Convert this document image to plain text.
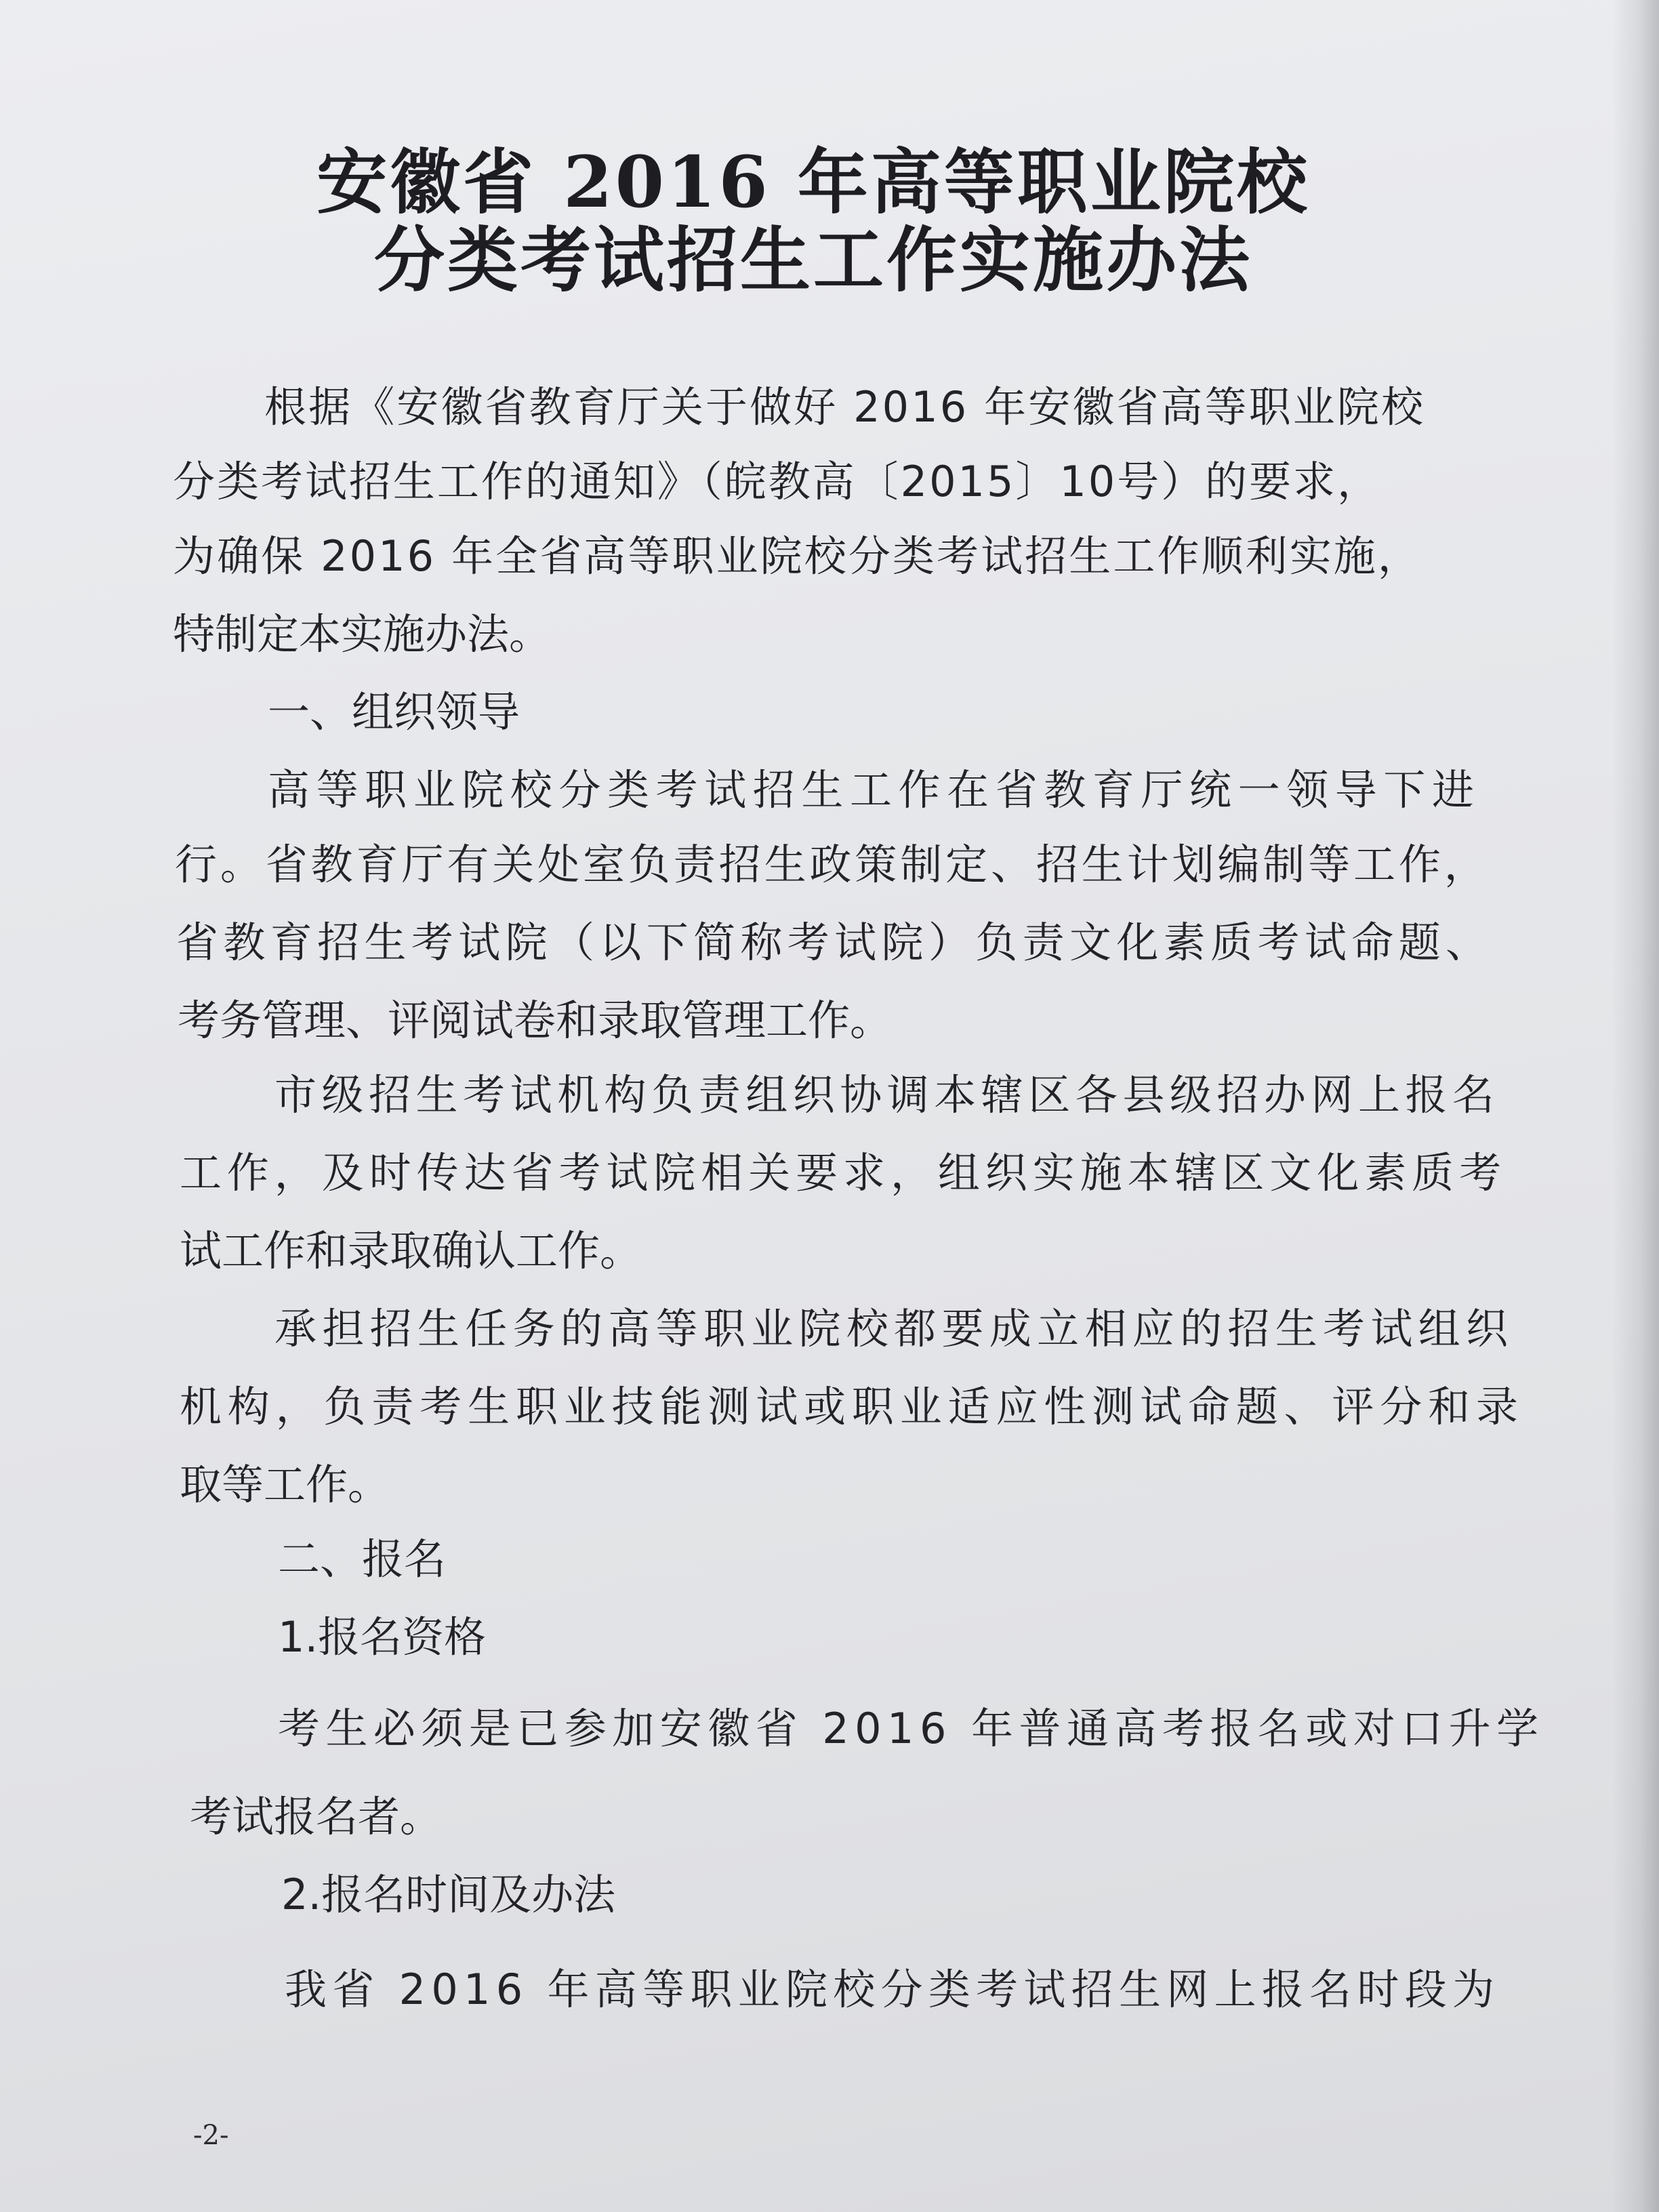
安徽省 2016 年高等职业院校
分类考试招生工作实施办法
根据《安徽省教育厅关于做好 2016 年安徽省高等职业院校
分类考试招生工作的通知》（皖教高〔2015〕10号）的要求，
为确保 2016 年全省高等职业院校分类考试招生工作顺利实施，
特制定本实施办法。
一、组织领导
高等职业院校分类考试招生工作在省教育厅统一领导下进
行。省教育厅有关处室负责招生政策制定、招生计划编制等工作，
省教育招生考试院（以下简称考试院）负责文化素质考试命题、
考务管理、评阅试卷和录取管理工作。
市级招生考试机构负责组织协调本辖区各县级招办网上报名
工作，及时传达省考试院相关要求，组织实施本辖区文化素质考
试工作和录取确认工作。
承担招生任务的高等职业院校都要成立相应的招生考试组织
机构，负责考生职业技能测试或职业适应性测试命题、评分和录
取等工作。
二、报名
1.报名资格
考生必须是已参加安徽省 2016 年普通高考报名或对口升学
考试报名者。
2.报名时间及办法
我省 2016 年高等职业院校分类考试招生网上报名时段为
-2-
